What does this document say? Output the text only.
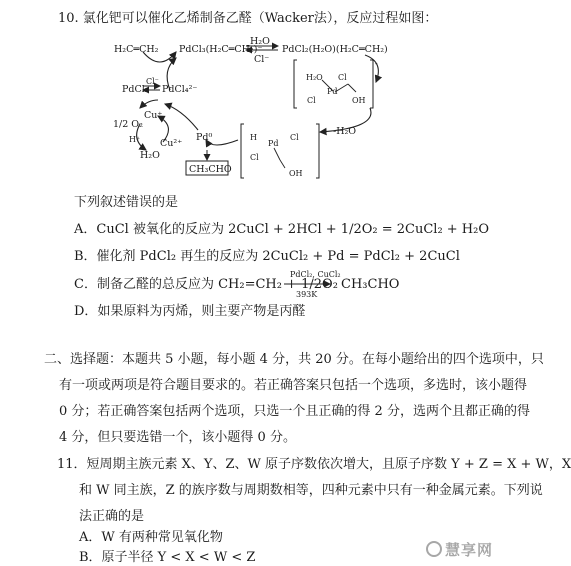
10. 氯化钯可以催化乙烯制备乙醛（Wacker法），反应过程如图：
H₂C═CH₂ PdCl₃(H₂C═CH₂)⁻
H₂O
Cl⁻
PdCl₂(H₂O)(H₂C═CH₂)
H₂O Cl
Pd
Cl	OH
-
-H₂O
H
Pd
Cl
Cl
OH
PdCl₂
Cl⁻
PdCl₄²⁻
1/2 O₂
Cu⁺
Cu²⁺
H⁺
H₂O
Pd⁰
CH₃CHO
下列叙述错误的是
A．CuCl 被氧化的反应为 2CuCl + 2HCl + 1/2O₂ = 2CuCl₂ + H₂O
B．催化剂 PdCl₂ 再生的反应为 2CuCl₂ + Pd = PdCl₂ + 2CuCl
C．制备乙醛的总反应为 CH₂=CH₂ + 1/2O₂
PdCl₂, CuCl₂
393K
CH₃CHO
D．如果原料为丙烯，则主要产物是丙醛
二、选择题：本题共 5 小题，每小题 4 分，共 20 分。在每小题给出的四个选项中，只
有一项或两项是符合题目要求的。若正确答案只包括一个选项，多选时，该小题得
0 分；若正确答案包括两个选项，只选一个且正确的得 2 分，选两个且都正确的得
4 分，但只要选错一个，该小题得 0 分。
11．短周期主族元素 X、Y、Z、W 原子序数依次增大，且原子序数 Y + Z = X + W，X
和 W 同主族，Z 的族序数与周期数相等，四种元素中只有一种金属元素。下列说
法正确的是
A．W 有两种常见氧化物
B．原子半径 Y < X < W < Z	慧享网
